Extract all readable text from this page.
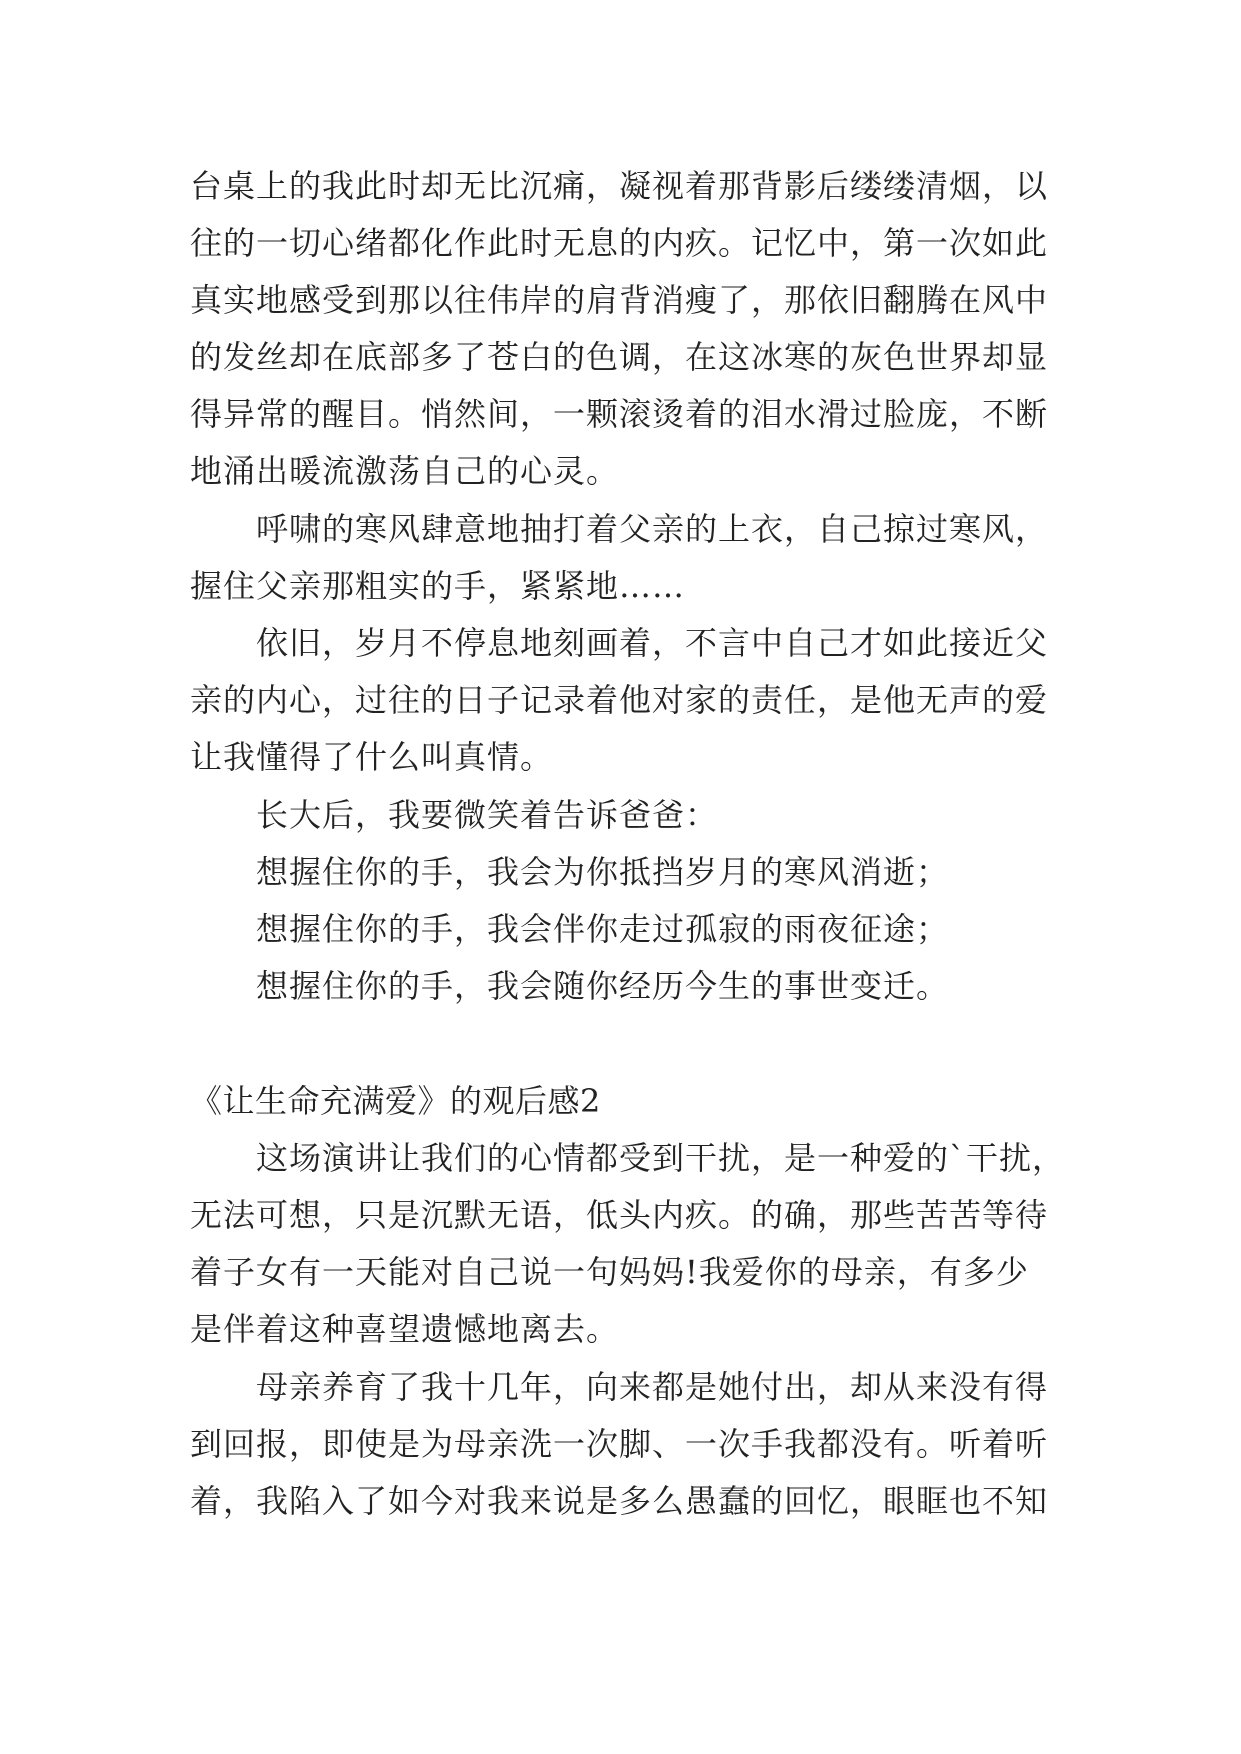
台桌上的我此时却无比沉痛，凝视着那背影后缕缕清烟，以
往的一切心绪都化作此时无息的内疚。记忆中，第一次如此
真实地感受到那以往伟岸的肩背消瘦了，那依旧翻腾在风中
的发丝却在底部多了苍白的色调，在这冰寒的灰色世界却显
得异常的醒目。悄然间，一颗滚烫着的泪水滑过脸庞，不断
地涌出暖流激荡自己的心灵。
呼啸的寒风肆意地抽打着父亲的上衣，自己掠过寒风，
握住父亲那粗实的手，紧紧地……
依旧，岁月不停息地刻画着，不言中自己才如此接近父
亲的内心，过往的日子记录着他对家的责任，是他无声的爱
让我懂得了什么叫真情。
长大后，我要微笑着告诉爸爸：
想握住你的手，我会为你抵挡岁月的寒风消逝；
想握住你的手，我会伴你走过孤寂的雨夜征途；
想握住你的手，我会随你经历今生的事世变迁。
《让生命充满爱》的观后感2
这场演讲让我们的心情都受到干扰，是一种爱的`干扰，
无法可想，只是沉默无语，低头内疚。的确，那些苦苦等待
着子女有一天能对自己说一句妈妈!我爱你的母亲，有多少
是伴着这种喜望遗憾地离去。
母亲养育了我十几年，向来都是她付出，却从来没有得
到回报，即使是为母亲洗一次脚、一次手我都没有。听着听
着，我陷入了如今对我来说是多么愚蠢的回忆，眼眶也不知
